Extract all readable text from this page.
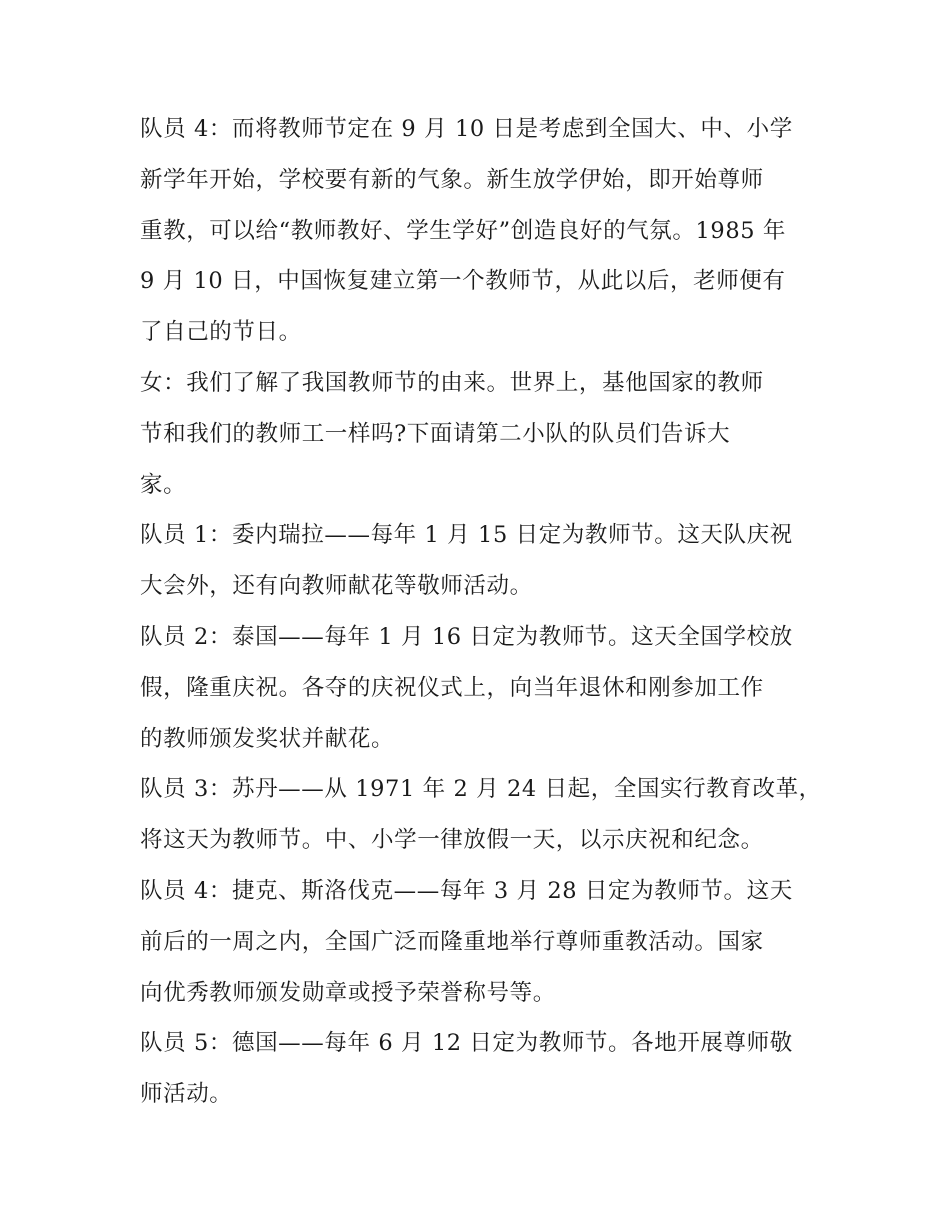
队员 4：而将教师节定在 9 月 10 日是考虑到全国大、中、小学
新学年开始，学校要有新的气象。新生放学伊始，即开始尊师
重教，可以给“教师教好、学生学好”创造良好的气氛。1985 年
9 月 10 日，中国恢复建立第一个教师节，从此以后，老师便有
了自己的节日。

女：我们了解了我国教师节的由来。世界上，基他国家的教师
节和我们的教师工一样吗?下面请第二小队的队员们告诉大
家。

队员 1：委内瑞拉——每年 1 月 15 日定为教师节。这天队庆祝
大会外，还有向教师献花等敬师活动。

队员 2：泰国——每年 1 月 16 日定为教师节。这天全国学校放
假，隆重庆祝。各夺的庆祝仪式上，向当年退休和刚参加工作
的教师颁发奖状并献花。

队员 3：苏丹——从 1971 年 2 月 24 日起，全国实行教育改革，
将这天为教师节。中、小学一律放假一天，以示庆祝和纪念。

队员 4：捷克、斯洛伐克——每年 3 月 28 日定为教师节。这天
前后的一周之内，全国广泛而隆重地举行尊师重教活动。国家
向优秀教师颁发勋章或授予荣誉称号等。

队员 5：德国——每年 6 月 12 日定为教师节。各地开展尊师敬
师活动。
